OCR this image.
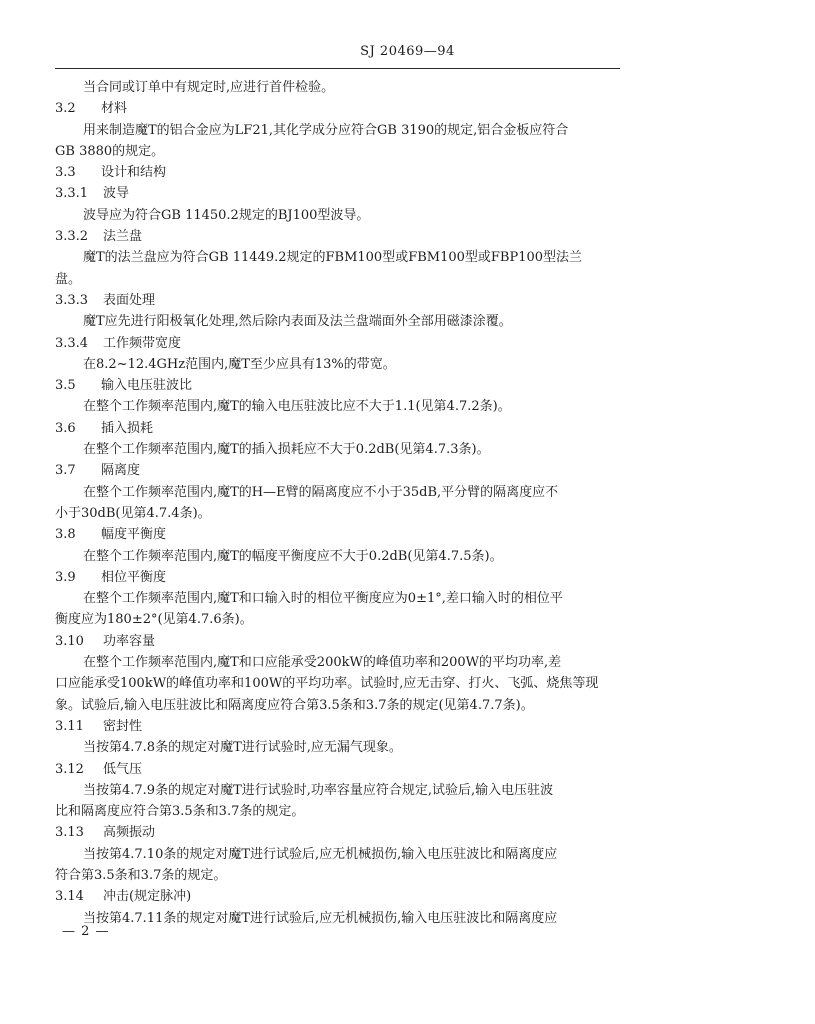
SJ 20469—94
当合同或订单中有规定时,应进行首件检验。
3.2 材料
用来制造魔T的铝合金应为LF21,其化学成分应符合GB 3190的规定,铝合金板应符合
GB 3880的规定。
3.3 设计和结构
3.3.1 波导
波导应为符合GB 11450.2规定的BJ100型波导。
3.3.2 法兰盘
魔T的法兰盘应为符合GB 11449.2规定的FBM100型或FBM100型或FBP100型法兰
盘。
3.3.3 表面处理
魔T应先进行阳极氧化处理,然后除内表面及法兰盘端面外全部用磁漆涂覆。
3.3.4 工作频带宽度
在8.2~12.4GHz范围内,魔T至少应具有13%的带宽。
3.5 输入电压驻波比
在整个工作频率范围内,魔T的输入电压驻波比应不大于1.1(见第4.7.2条)。
3.6 插入损耗
在整个工作频率范围内,魔T的插入损耗应不大于0.2dB(见第4.7.3条)。
3.7 隔离度
在整个工作频率范围内,魔T的H—E臂的隔离度应不小于35dB,平分臂的隔离度应不
小于30dB(见第4.7.4条)。
3.8 幅度平衡度
在整个工作频率范围内,魔T的幅度平衡度应不大于0.2dB(见第4.7.5条)。
3.9 相位平衡度
在整个工作频率范围内,魔T和口输入时的相位平衡度应为0±1°,差口输入时的相位平
衡度应为180±2°(见第4.7.6条)。
3.10 功率容量
在整个工作频率范围内,魔T和口应能承受200kW的峰值功率和200W的平均功率,差
口应能承受100kW的峰值功率和100W的平均功率。试验时,应无击穿、打火、飞弧、烧焦等现
象。试验后,输入电压驻波比和隔离度应符合第3.5条和3.7条的规定(见第4.7.7条)。
3.11 密封性
当按第4.7.8条的规定对魔T进行试验时,应无漏气现象。
3.12 低气压
当按第4.7.9条的规定对魔T进行试验时,功率容量应符合规定,试验后,输入电压驻波
比和隔离度应符合第3.5条和3.7条的规定。
3.13 高频振动
当按第4.7.10条的规定对魔T进行试验后,应无机械损伤,输入电压驻波比和隔离度应
符合第3.5条和3.7条的规定。
3.14 冲击(规定脉冲)
当按第4.7.11条的规定对魔T进行试验后,应无机械损伤,输入电压驻波比和隔离度应
— 2 —
